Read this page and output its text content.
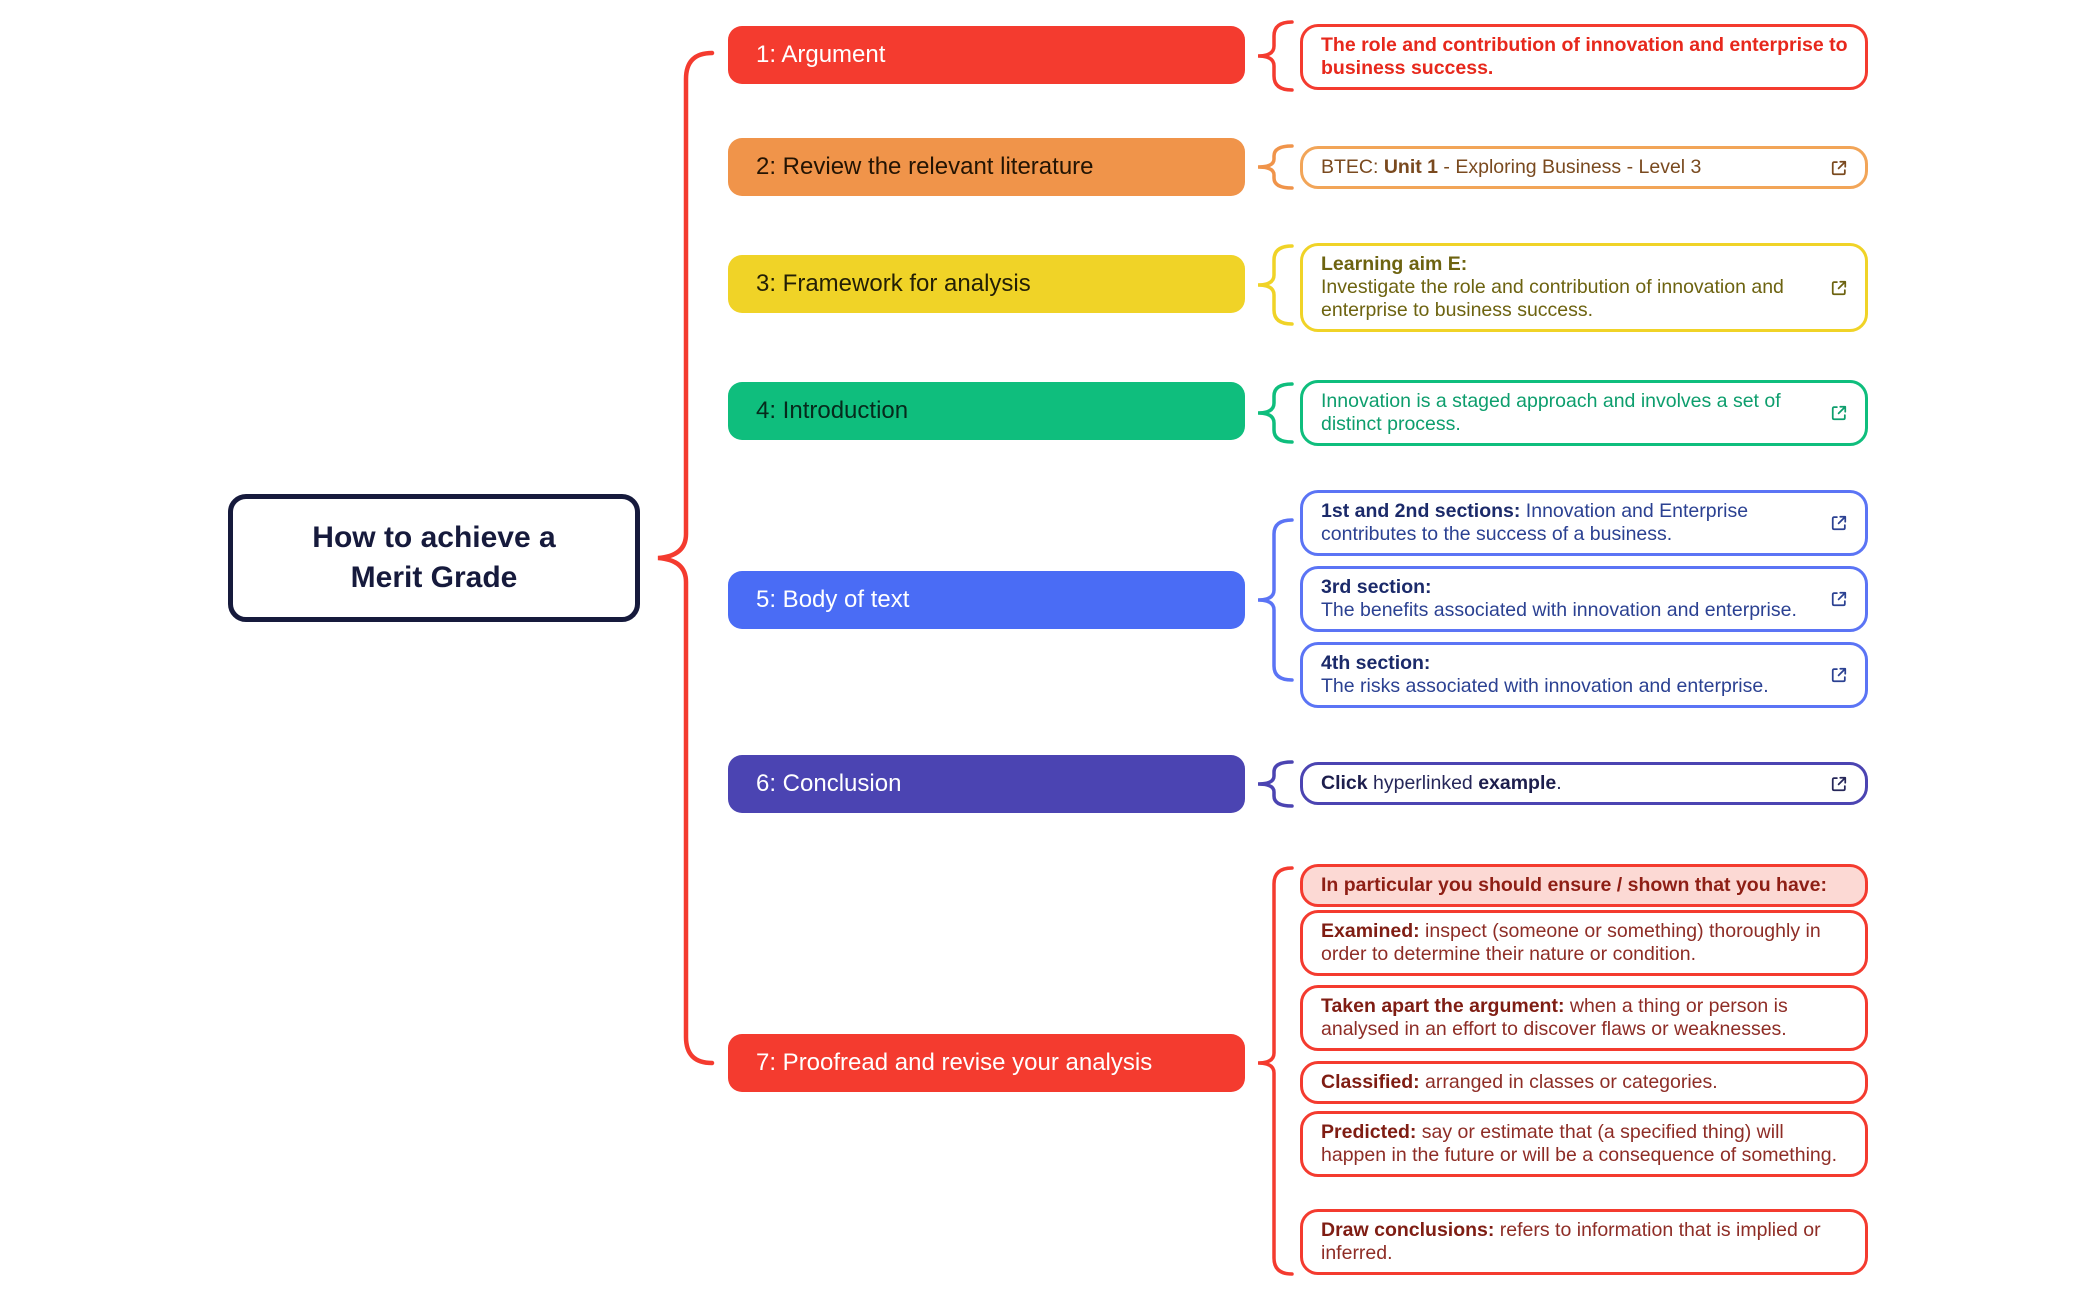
How to achieve a
Merit Grade
1: Argument
2: Review the relevant literature
3: Framework for analysis
4: Introduction
5: Body of text
6: Conclusion
7: Proofread and revise your analysis
The role and contribution of innovation and enterprise to business success.
BTEC: Unit 1 - Exploring Business - Level 3
Learning aim E:
Investigate the role and contribution of innovation and enterprise to business success.
Innovation is a staged approach and involves a set of distinct process.
1st and 2nd sections: Innovation and Enterprise contributes to the success of a business.
3rd section:
The benefits associated with innovation and enterprise.
4th section:
The risks associated with innovation and enterprise.
Click hyperlinked example.
In particular you should ensure / shown that you have:
Examined: inspect (someone or something) thoroughly in order to determine their nature or condition.
Taken apart the argument: when a thing or person is analysed in an effort to discover flaws or weaknesses.
Classified: arranged in classes or categories.
Predicted: say or estimate that (a specified thing) will happen in the future or will be a consequence of something.
Draw conclusions: refers to information that is implied or inferred.
